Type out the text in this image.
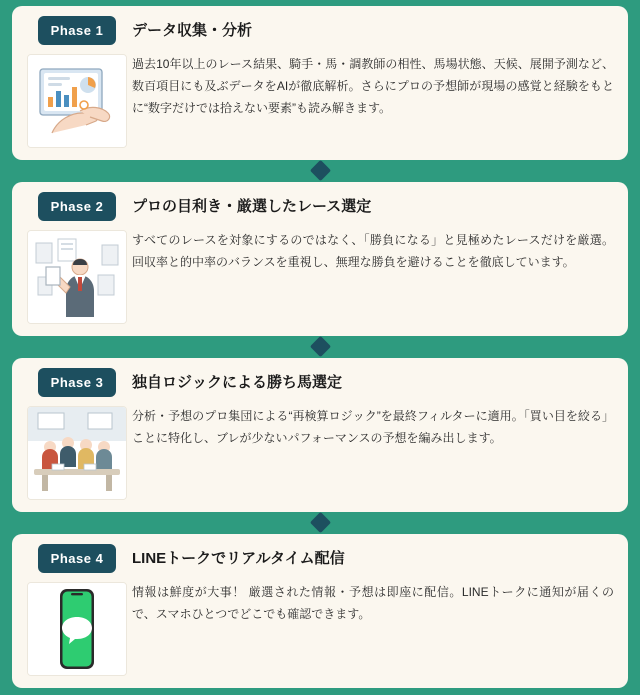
Phase 1	データ収集・分析

過去10年以上のレース結果、騎手・馬・調教師の相性、馬場状態、天候、展開予測など、数百項目にも及ぶデータをAIが徹底解析。さらにプロの予想師が現場の感覚と経験をもとに“数字だけでは拾えない要素”も読み解きます。

Phase 2	プロの目利き・厳選したレース選定

すべてのレースを対象にするのではなく、「勝負になる」と見極めたレースだけを厳選。回収率と的中率のバランスを重視し、無理な勝負を避けることを徹底しています。

Phase 3	独自ロジックによる勝ち馬選定

分析・予想のプロ集団による“再検算ロジック”を最終フィルターに適用。「買い目を絞る」ことに特化し、ブレが少ないパフォーマンスの予想を編み出します。

Phase 4	LINEトークでリアルタイム配信

情報は鮮度が大事！ 厳選された情報・予想は即座に配信。LINEトークに通知が届くので、スマホひとつでどこでも確認できます。
